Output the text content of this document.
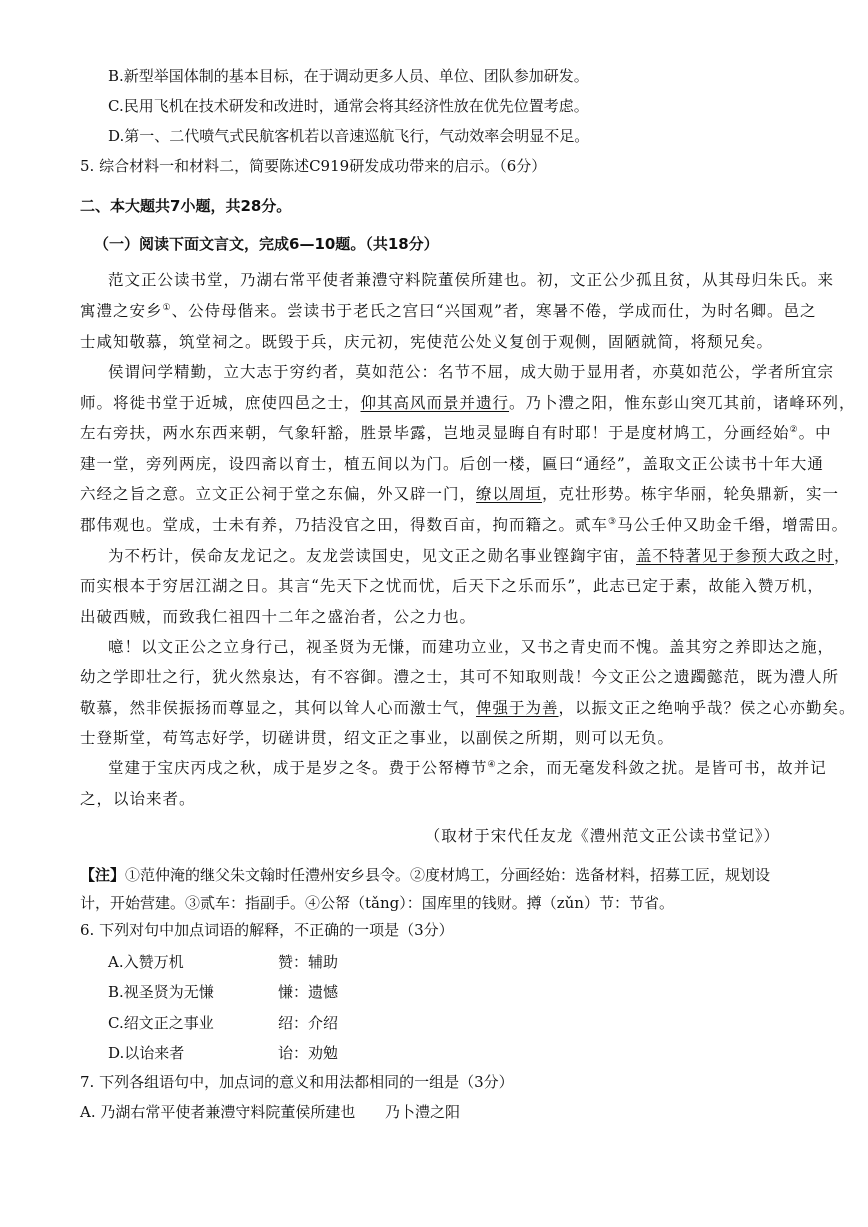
B.新型举国体制的基本目标，在于调动更多人员、单位、团队参加研发。
C.民用飞机在技术研发和改进时，通常会将其经济性放在优先位置考虑。
D.第一、二代喷气式民航客机若以音速巡航飞行，气动效率会明显不足。
5. 综合材料一和材料二，简要陈述C919研发成功带来的启示。（6分）
二、本大题共7小题，共28分。
（一）阅读下面文言文，完成6—10题。（共18分）
范文正公读书堂，乃湖右常平使者兼澧守料院董侯所建也。初，文正公少孤且贫，从其母归朱氏。来
寓澧之安乡①、公侍母偕来。尝读书于老氏之宫曰“兴国观”者，寒暑不倦，学成而仕，为时名卿。邑之
士咸知敬慕，筑堂祠之。既毁于兵，庆元初，宪使范公处义复创于观侧，固陋就简，将颓兄矣。
侯谓问学精勤，立大志于穷约者，莫如范公：名节不屈，成大勋于显用者，亦莫如范公，学者所宜宗
师。将徙书堂于近城，庶使四邑之士，仰其高风而景并遗行。乃卜澧之阳，惟东彭山突兀其前，诸峰环列，
左右旁扶，两水东西来朝，气象轩豁，胜景毕露，岂地灵显晦自有时耶！于是度材鸠工，分画经始②。中
建一堂，旁列两庑，设四斋以育士，植五间以为门。后创一楼，匾曰“通经”，盖取文正公读书十年大通
六经之旨之意。立文正公祠于堂之东偏，外又辟一门，缭以周垣，克壮形势。栋宇华丽，轮奂鼎新，实一
郡伟观也。堂成，士未有养，乃拮没官之田，得数百亩，拘而籍之。贰车③马公壬仲又助金千缗，增需田。
为不朽计，侯命友龙记之。友龙尝读国史，见文正之勋名事业铿鍧宇宙，盖不特著见于参预大政之时，
而实根本于穷居江湖之日。其言“先天下之忧而忧，后天下之乐而乐”，此志已定于素，故能入赞万机，
出破西贼，而致我仁祖四十二年之盛治者，公之力也。
噫！以文正公之立身行己，视圣贤为无慊，而建功立业，又书之青史而不愧。盖其穷之养即达之施，
幼之学即壮之行，犹火然泉达，有不容御。澧之士，其可不知取则哉！今文正公之遗躅懿范，既为澧人所
敬慕，然非侯振扬而尊显之，其何以耸人心而激士气，俾强于为善，以振文正之绝响乎哉？侯之心亦勤矣。
士登斯堂，苟笃志好学，切磋讲贯，绍文正之事业，以副侯之所期，则可以无负。
堂建于宝庆丙戌之秋，成于是岁之冬。费于公帑樽节④之余，而无毫发科敛之扰。是皆可书，故并记
之，以诒来者。
（取材于宋代任友龙《澧州范文正公读书堂记》）
【注】①范仲淹的继父朱文翰时任澧州安乡县令。②度材鸠工，分画经始：选备材料，招募工匠，规划设
计，开始营建。③贰车：指副手。④公帑（tǎng）：国库里的钱财。撙（zǔn）节：节省。
6. 下列对句中加点词语的解释，不正确的一项是（3分）
A.入赞万机	赞：辅助
B.视圣贤为无慊	慊：遗憾
C.绍文正之事业	绍：介绍
D.以诒来者	诒：劝勉
7. 下列各组语句中，加点词的意义和用法都相同的一组是（3分）
A. 乃湖右常平使者兼澧守料院董侯所建也 乃卜澧之阳
